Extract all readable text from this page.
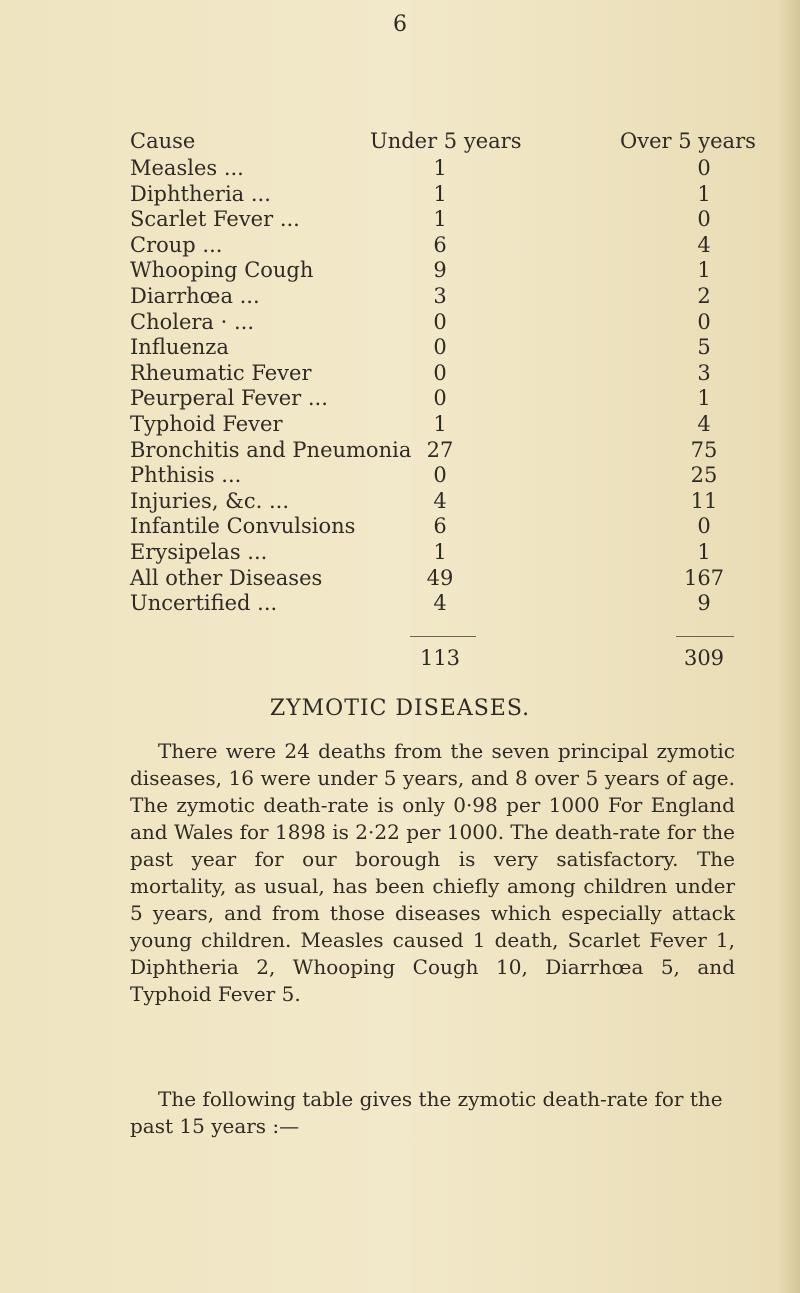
6
Cause	Under 5 years	Over 5 years
Measles ...	1	0
Diphtheria ...	1	1
Scarlet Fever ...	1	0
Croup ...	6	4
Whooping Cough	9	1
Diarrhœa ...	3	2
Cholera · ...	0	0
Influenza	0	5
Rheumatic Fever	0	3
Peurperal Fever ...	0	1
Typhoid Fever	1	4
Bronchitis and Pneumonia 27	75
Phthisis ...	0	25
Injuries, &c. ...	4	11
Infantile Convulsions	6	0
Erysipelas ...	1	1
All other Diseases	49	167
Uncertified ...	4	9
113	309
ZYMOTIC DISEASES.

There were 24 deaths from the seven principal zymotic diseases, 16 were under 5 years, and 8 over 5 years of age. The zymotic death-rate is only 0·98 per 1000 For England and Wales for 1898 is 2·22 per 1000. The death-rate for the past year for our borough is very satisfactory. The mortality, as usual, has been chiefly among children under 5 years, and from those diseases which especially attack young children. Measles caused 1 death, Scarlet Fever 1, Diphtheria 2, Whooping Cough 10, Diarrhœa 5, and Typhoid Fever 5.

The following table gives the zymotic death-rate for the past 15 years :—
